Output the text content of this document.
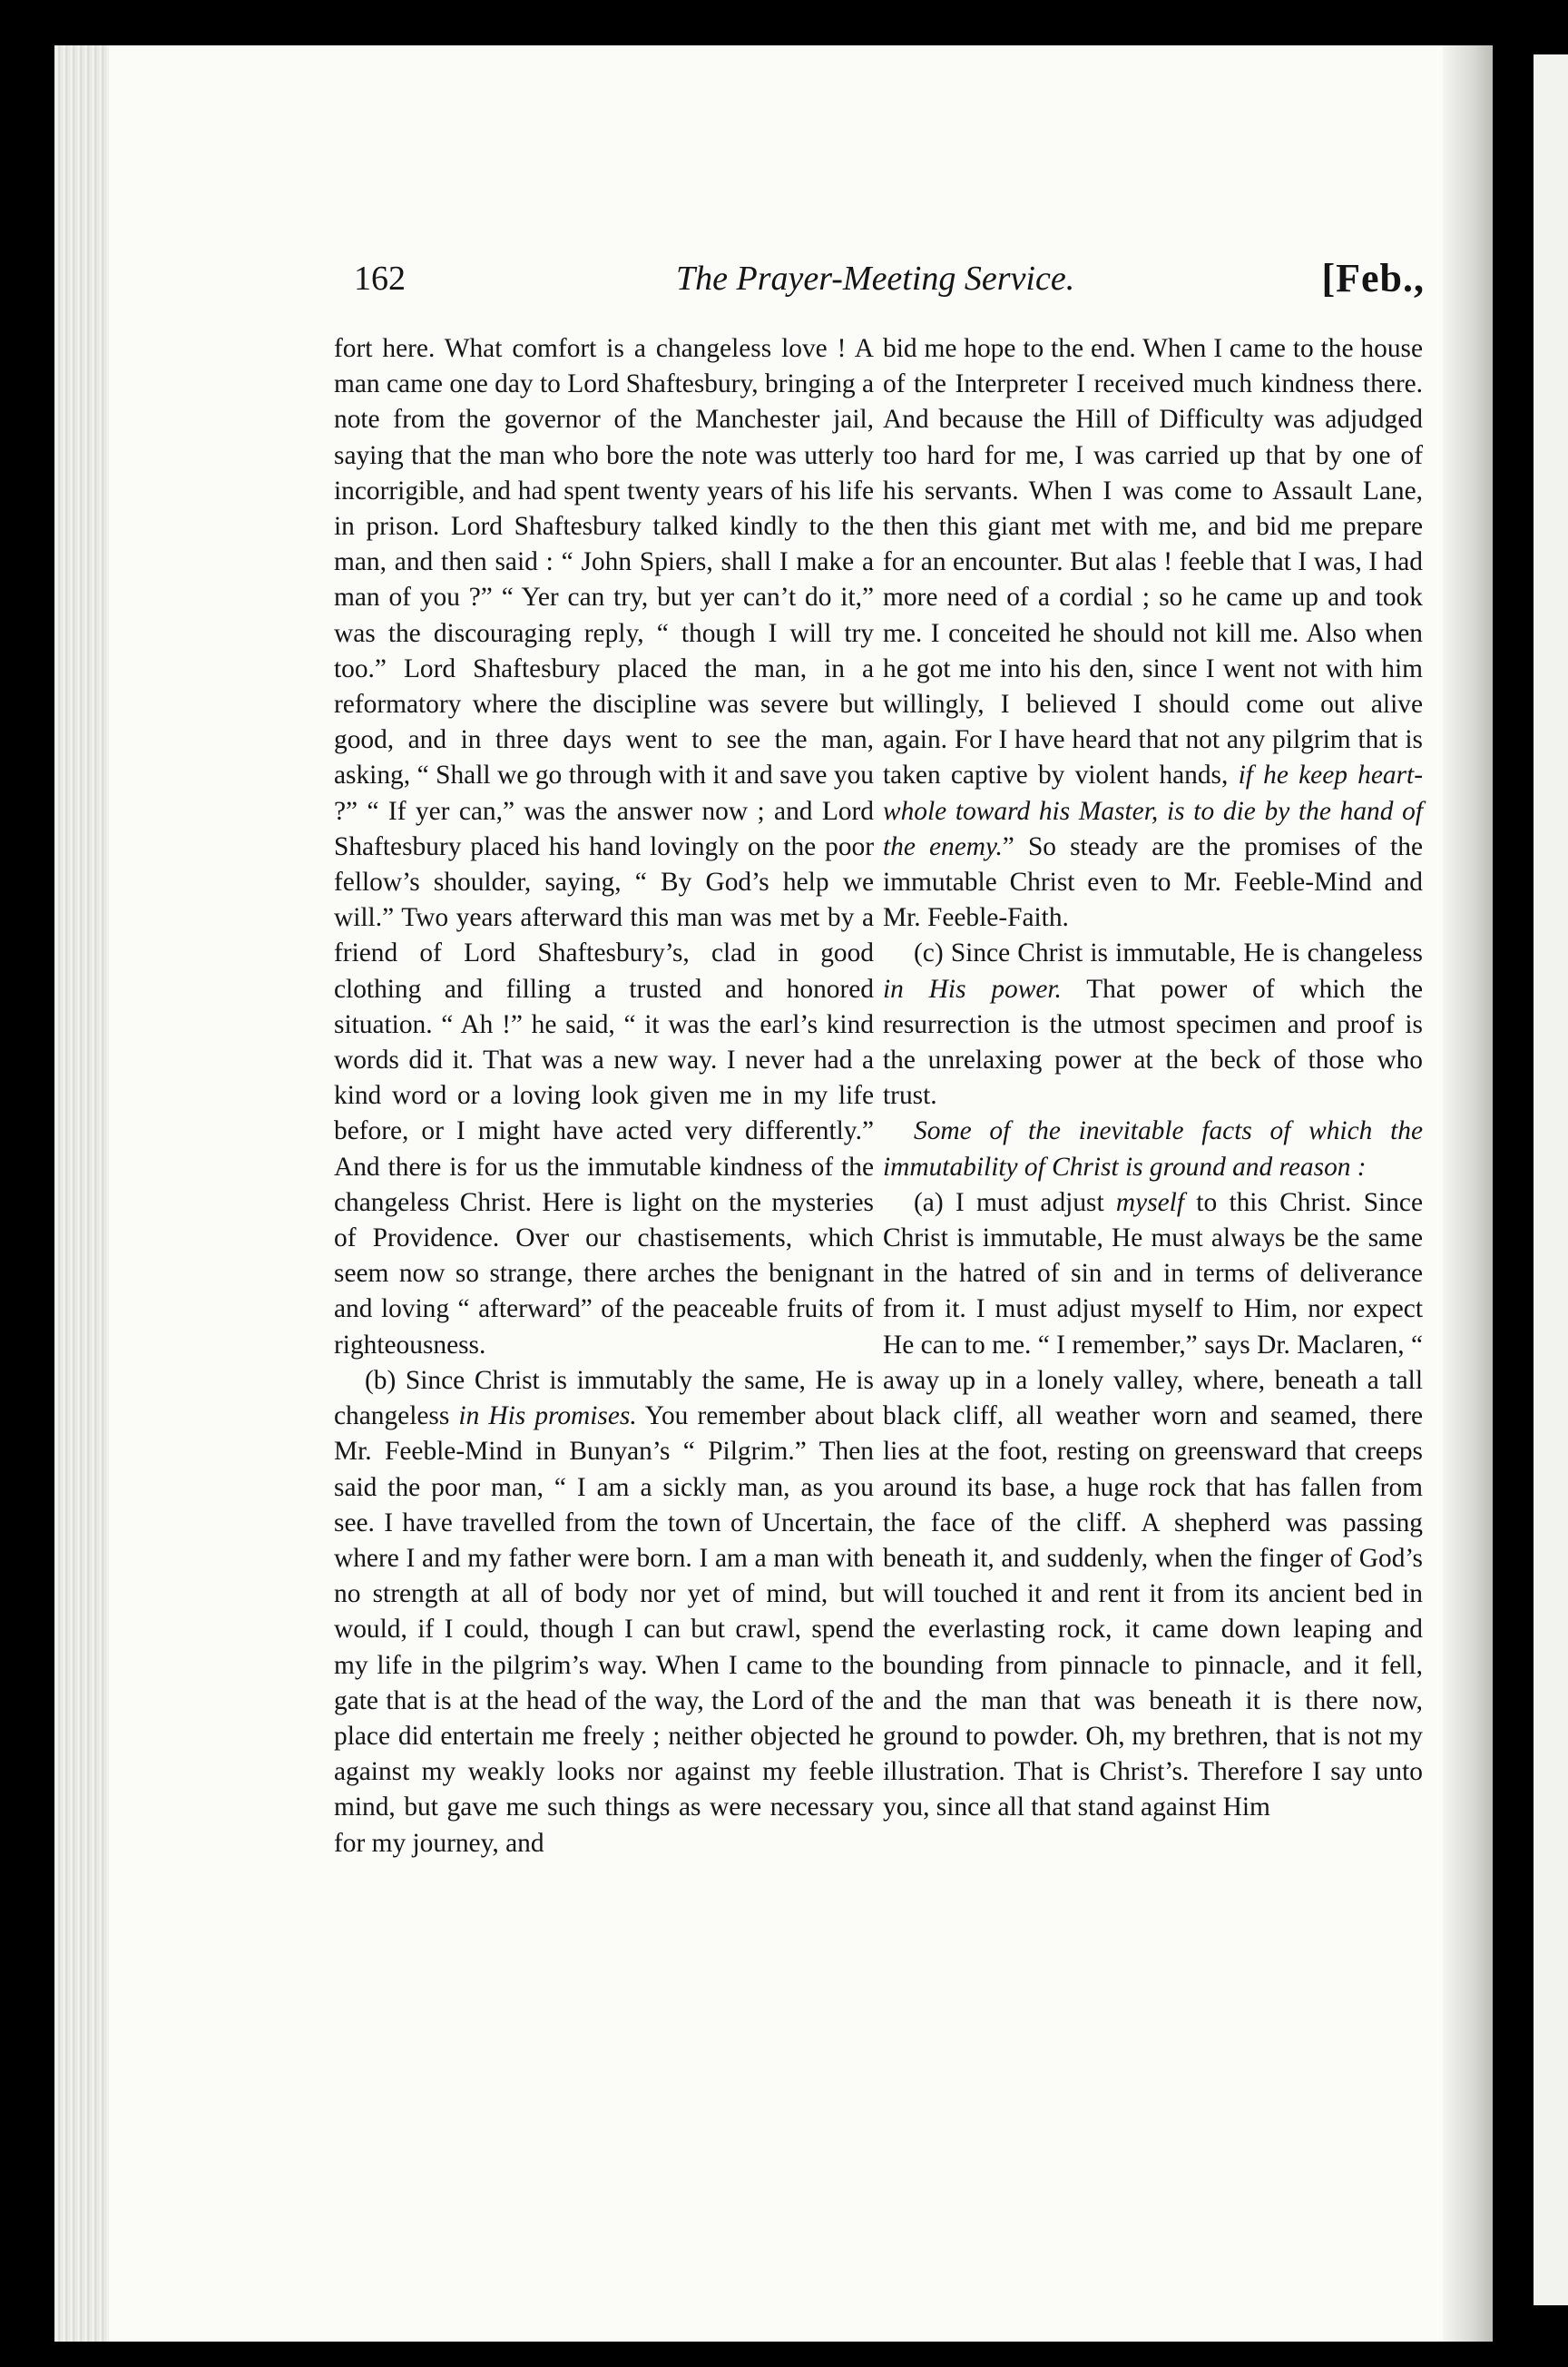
162	The Prayer-Meeting Service.	[Feb.,

fort here. What comfort is a changeless love ! A man came one day to Lord Shaftesbury, bringing a note from the governor of the Manchester jail, saying that the man who bore the note was utterly incorrigible, and had spent twenty years of his life in prison. Lord Shaftesbury talked kindly to the man, and then said : “ John Spiers, shall I make a man of you ?” “ Yer can try, but yer can’t do it,” was the discouraging reply, “ though I will try too.” Lord Shaftesbury placed the man, in a reformatory where the discipline was severe but good, and in three days went to see the man, asking, “ Shall we go through with it and save you ?” “ If yer can,” was the answer now ; and Lord Shaftesbury placed his hand lovingly on the poor fellow’s shoulder, saying, “ By God’s help we will.” Two years afterward this man was met by a friend of Lord Shaftesbury’s, clad in good clothing and filling a trusted and honored situation. “ Ah !” he said, “ it was the earl’s kind words did it. That was a new way. I never had a kind word or a loving look given me in my life before, or I might have acted very differently.” And there is for us the immutable kindness of the changeless Christ. Here is light on the mysteries of Providence. Over our chastisements, which seem now so strange, there arches the benignant and loving “ afterward” of the peaceable fruits of righteousness.

(b) Since Christ is immutably the same, He is changeless in His promises. You remember about Mr. Feeble-Mind in Bunyan’s “ Pilgrim.” Then said the poor man, “ I am a sickly man, as you see. I have travelled from the town of Uncertain, where I and my father were born. I am a man with no strength at all of body nor yet of mind, but would, if I could, though I can but crawl, spend my life in the pilgrim’s way. When I came to the gate that is at the head of the way, the Lord of the place did entertain me freely ; neither objected he against my weakly looks nor against my feeble mind, but gave me such things as were necessary for my journey, and

bid me hope to the end. When I came to the house of the Interpreter I received much kindness there. And because the Hill of Difficulty was adjudged too hard for me, I was carried up that by one of his servants. When I was come to Assault Lane, then this giant met with me, and bid me prepare for an encounter. But alas ! feeble that I was, I had more need of a cordial ; so he came up and took me. I conceited he should not kill me. Also when he got me into his den, since I went not with him willingly, I believed I should come out alive again. For I have heard that not any pilgrim that is taken captive by violent hands, if he keep heart-whole toward his Master, is to die by the hand of the enemy.” So steady are the promises of the immutable Christ even to Mr. Feeble-Mind and Mr. Feeble-Faith.

(c) Since Christ is immutable, He is changeless in His power. That power of which the resurrection is the utmost specimen and proof is the unrelaxing power at the beck of those who trust.

Some of the inevitable facts of which the immutability of Christ is ground and reason :

(a) I must adjust myself to this Christ. Since Christ is immutable, He must always be the same in the hatred of sin and in terms of deliverance from it. I must adjust myself to Him, nor expect He can to me. “ I remember,” says Dr. Maclaren, “ away up in a lonely valley, where, beneath a tall black cliff, all weather worn and seamed, there lies at the foot, resting on greensward that creeps around its base, a huge rock that has fallen from the face of the cliff. A shepherd was passing beneath it, and suddenly, when the finger of God’s will touched it and rent it from its ancient bed in the everlasting rock, it came down leaping and bounding from pinnacle to pinnacle, and it fell, and the man that was beneath it is there now, ground to powder. Oh, my brethren, that is not my illustration. That is Christ’s. Therefore I say unto you, since all that stand against Him
